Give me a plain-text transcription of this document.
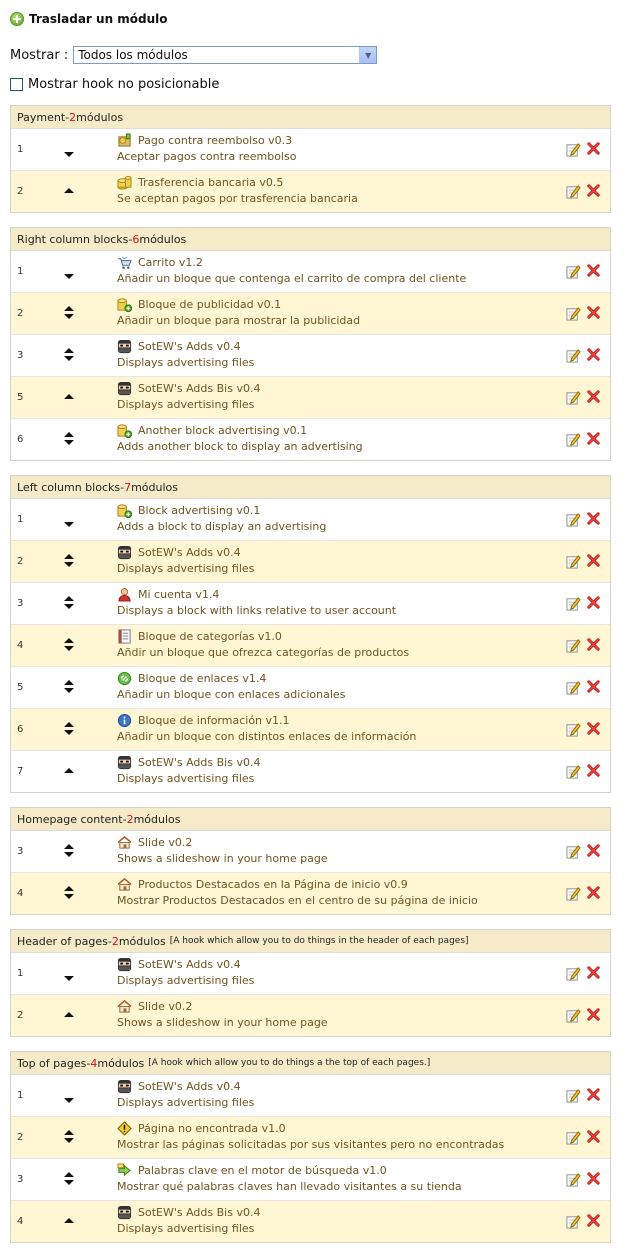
Trasladar un módulo
Mostrar : Todos los módulos	▼
Mostrar hook no posicionable
Payment - 2 módulos
1
Pago contra reembolso v0.3
Aceptar pagos contra reembolso
2
Trasferencia bancaria v0.5
Se aceptan pagos por trasferencia bancaria
Right column blocks - 6 módulos
1
Carrito v1.2
Añadir un bloque que contenga el carrito de compra del cliente
2
Bloque de publicidad v0.1
Añadir un bloque para mostrar la publicidad
3
SotEW's Adds v0.4
Displays advertising files
5
SotEW's Adds Bis v0.4
Displays advertising files
6
Another block advertising v0.1
Adds another block to display an advertising
Left column blocks - 7 módulos
1
Block advertising v0.1
Adds a block to display an advertising
2
SotEW's Adds v0.4
Displays advertising files
3
Mi cuenta v1.4
Displays a block with links relative to user account
4
Bloque de categorías v1.0
Añdir un bloque que ofrezca categorías de productos
5
Bloque de enlaces v1.4
Añadir un bloque con enlaces adicionales
6
Bloque de información v1.1
Añadir un bloque con distintos enlaces de información
7
SotEW's Adds Bis v0.4
Displays advertising files
Homepage content - 2 módulos
3
Slide v0.2
Shows a slideshow in your home page
4
Productos Destacados en la Página de inicio v0.9
Mostrar Productos Destacados en el centro de su página de inicio
Header of pages - 2 módulos [A hook which allow you to do things in the header of each pages]
1
SotEW's Adds v0.4
Displays advertising files
2
Slide v0.2
Shows a slideshow in your home page
Top of pages - 4 módulos [A hook which allow you to do things a the top of each pages.]
1
SotEW's Adds v0.4
Displays advertising files
2
Página no encontrada v1.0
Mostrar las páginas solicitadas por sus visitantes pero no encontradas
3
Palabras clave en el motor de búsqueda v1.0
Mostrar qué palabras claves han llevado visitantes a su tienda
4
SotEW's Adds Bis v0.4
Displays advertising files
